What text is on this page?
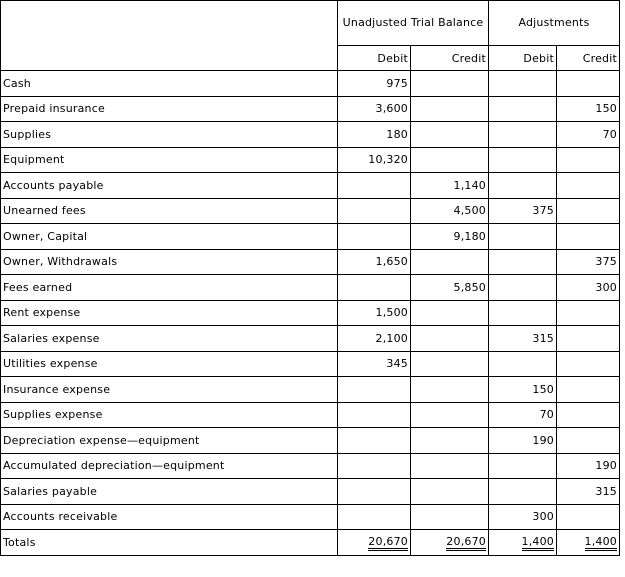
	Unadjusted Trial Balance		Adjustments	
	Debit	Credit	Debit	Credit
Cash	975			
Prepaid insurance	3,600			150
Supplies	180			70
Equipment	10,320			
Accounts payable		1,140		
Unearned fees		4,500	375	
Owner, Capital		9,180		
Owner, Withdrawals	1,650			375
Fees earned		5,850		300
Rent expense	1,500			
Salaries expense	2,100		315	
Utilities expense	345			
Insurance expense			150	
Supplies expense			70	
Depreciation expense—equipment			190	
Accumulated depreciation—equipment				190
Salaries payable				315
Accounts receivable			300	
Totals	20,670	20,670	1,400	1,400
